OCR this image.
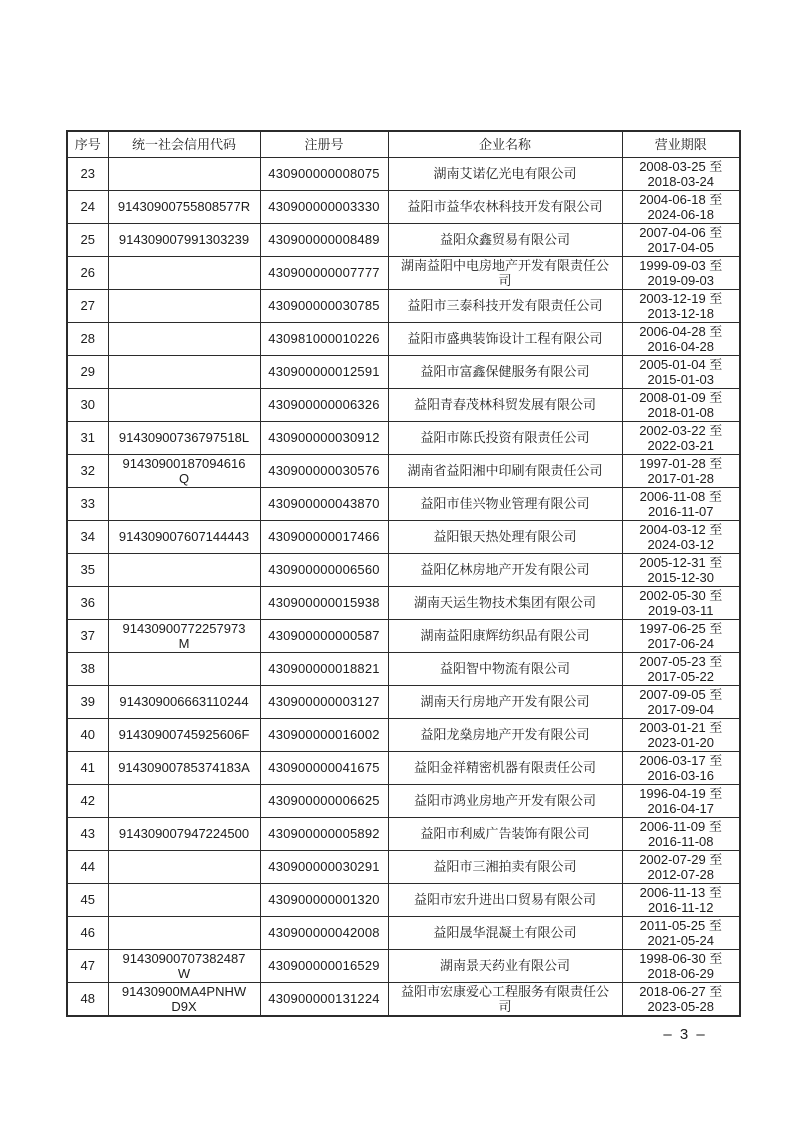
序号	统一社会信用代码	注册号	企业名称	营业期限
23		430900000008075	湖南艾诺亿光电有限公司	2008-03-25 至
2018-03-24

24	91430900755808577R	430900000003330	益阳市益华农林科技开发有限公司	2004-06-18 至
2024-06-18

25	914309007991303239	430900000008489	益阳众鑫贸易有限公司	2007-04-06 至
2017-04-05

26		430900000007777	湖南益阳中电房地产开发有限责任公司	1999-09-03 至
2019-09-03

27		430900000030785	益阳市三泰科技开发有限责任公司	2003-12-19 至
2013-12-18

28		430981000010226	益阳市盛典装饰设计工程有限公司	2006-04-28 至
2016-04-28

29		430900000012591	益阳市富鑫保健服务有限公司	2005-01-04 至
2015-01-03

30		430900000006326	益阳青春茂林科贸发展有限公司	2008-01-09 至
2018-01-08

31	91430900736797518L	430900000030912	益阳市陈氏投资有限责任公司	2002-03-22 至
2022-03-21

32	91430900187094616Q	430900000030576	湖南省益阳湘中印刷有限责任公司	1997-01-28 至
2017-01-28

33		430900000043870	益阳市佳兴物业管理有限公司	2006-11-08 至
2016-11-07

34	914309007607144443	430900000017466	益阳银天热处理有限公司	2004-03-12 至
2024-03-12

35		430900000006560	益阳亿林房地产开发有限公司	2005-12-31 至
2015-12-30

36		430900000015938	湖南天运生物技术集团有限公司	2002-05-30 至
2019-03-11

37	91430900772257973M	430900000000587	湖南益阳康辉纺织品有限公司	1997-06-25 至
2017-06-24

38		430900000018821	益阳智中物流有限公司	2007-05-23 至
2017-05-22

39	914309006663110244	430900000003127	湖南天行房地产开发有限公司	2007-09-05 至
2017-09-04

40	91430900745925606F	430900000016002	益阳龙燊房地产开发有限公司	2003-01-21 至
2023-01-20

41	91430900785374183A	430900000041675	益阳金祥精密机器有限责任公司	2006-03-17 至
2016-03-16

42		430900000006625	益阳市鸿业房地产开发有限公司	1996-04-19 至
2016-04-17

43	914309007947224500	430900000005892	益阳市利威广告装饰有限公司	2006-11-09 至
2016-11-08

44		430900000030291	益阳市三湘拍卖有限公司	2002-07-29 至
2012-07-28

45		430900000001320	益阳市宏升进出口贸易有限公司	2006-11-13 至
2016-11-12

46		430900000042008	益阳晟华混凝土有限公司	2011-05-25 至
2021-05-24

47	91430900707382487W	430900000016529	湖南景天药业有限公司	1998-06-30 至
2018-06-29

48	91430900MA4PNHWD9X	430900000131224	益阳市宏康爱心工程服务有限责任公司	2018-06-27 至
2023-05-28
– 3 –
